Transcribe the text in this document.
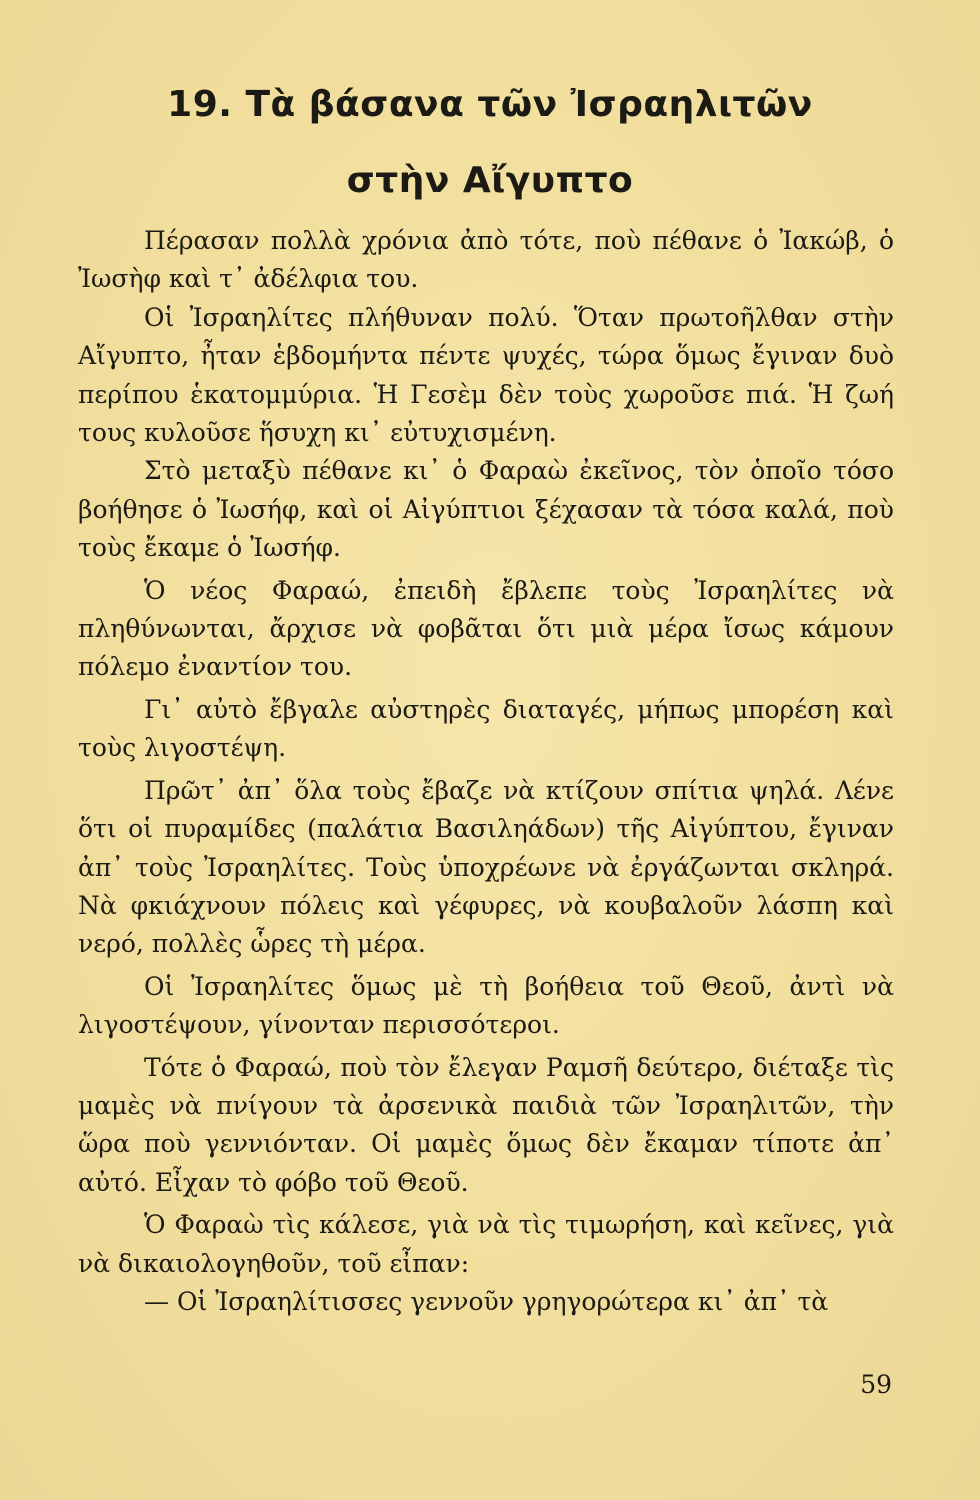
19. Τὰ βάσανα τῶν Ἰσραηλιτῶν
στὴν Αἴγυπτο

Πέρασαν πολλὰ χρόνια ἀπὸ τότε, ποὺ πέθανε ὁ Ἰακώβ, ὁ Ἰωσὴφ καὶ τ᾽ ἀδέλφια του.

Οἱ Ἰσραηλίτες πλήθυναν πολύ. Ὅταν πρωτοῆλθαν στὴν Αἴγυπτο, ἦταν ἑβδομήντα πέντε ψυχές, τώρα ὅμως ἔγιναν δυὸ περίπου ἑκατομμύρια. Ἡ Γεσὲμ δὲν τοὺς χωροῦσε πιά. Ἡ ζωή τους κυλοῦσε ἥσυχη κι᾽ εὐτυχισμένη.

Στὸ μεταξὺ πέθανε κι᾽ ὁ Φαραὼ ἐκεῖνος, τὸν ὁποῖο τόσο βοήθησε ὁ Ἰωσήφ, καὶ οἱ Αἰγύπτιοι ξέχασαν τὰ τόσα καλά, ποὺ τοὺς ἔκαμε ὁ Ἰωσήφ.

Ὁ νέος Φαραώ, ἐπειδὴ ἔβλεπε τοὺς Ἰσραηλίτες νὰ πληθύνωνται, ἄρχισε νὰ φοβᾶται ὅτι μιὰ μέρα ἴσως κάμουν πόλεμο ἐναντίον του.

Γι᾽ αὐτὸ ἔβγαλε αὐστηρὲς διαταγές, μήπως μπορέση καὶ τοὺς λιγοστέψη.

Πρῶτ᾽ ἀπ᾽ ὅλα τοὺς ἔβαζε νὰ κτίζουν σπίτια ψηλά. Λένε ὅτι οἱ πυραμίδες (παλάτια Βασιληάδων) τῆς Αἰγύπτου, ἔγιναν ἀπ᾽ τοὺς Ἰσραηλίτες. Τοὺς ὑποχρέωνε νὰ ἐργάζωνται σκληρά. Νὰ φκιάχνουν πόλεις καὶ γέφυρες, νὰ κουβαλοῦν λάσπη καὶ νερό, πολλὲς ὧρες τὴ μέρα.

Οἱ Ἰσραηλίτες ὅμως μὲ τὴ βοήθεια τοῦ Θεοῦ, ἀντὶ νὰ λιγοστέψουν, γίνονταν περισσότεροι.

Τότε ὁ Φαραώ, ποὺ τὸν ἔλεγαν Ραμσῆ δεύτερο, διέταξε τὶς μαμὲς νὰ πνίγουν τὰ ἀρσενικὰ παιδιὰ τῶν Ἰσραηλιτῶν, τὴν ὥρα ποὺ γεννιόνταν. Οἱ μαμὲς ὅμως δὲν ἔκαμαν τίποτε ἀπ᾽ αὐτό. Εἶχαν τὸ φόβο τοῦ Θεοῦ.

Ὁ Φαραὼ τὶς κάλεσε, γιὰ νὰ τὶς τιμωρήση, καὶ κεῖνες, γιὰ νὰ δικαιολογηθοῦν, τοῦ εἶπαν:

— Οἱ Ἰσραηλίτισσες γεννοῦν γρηγορώτερα κι᾽ ἀπ᾽ τὰ

59
